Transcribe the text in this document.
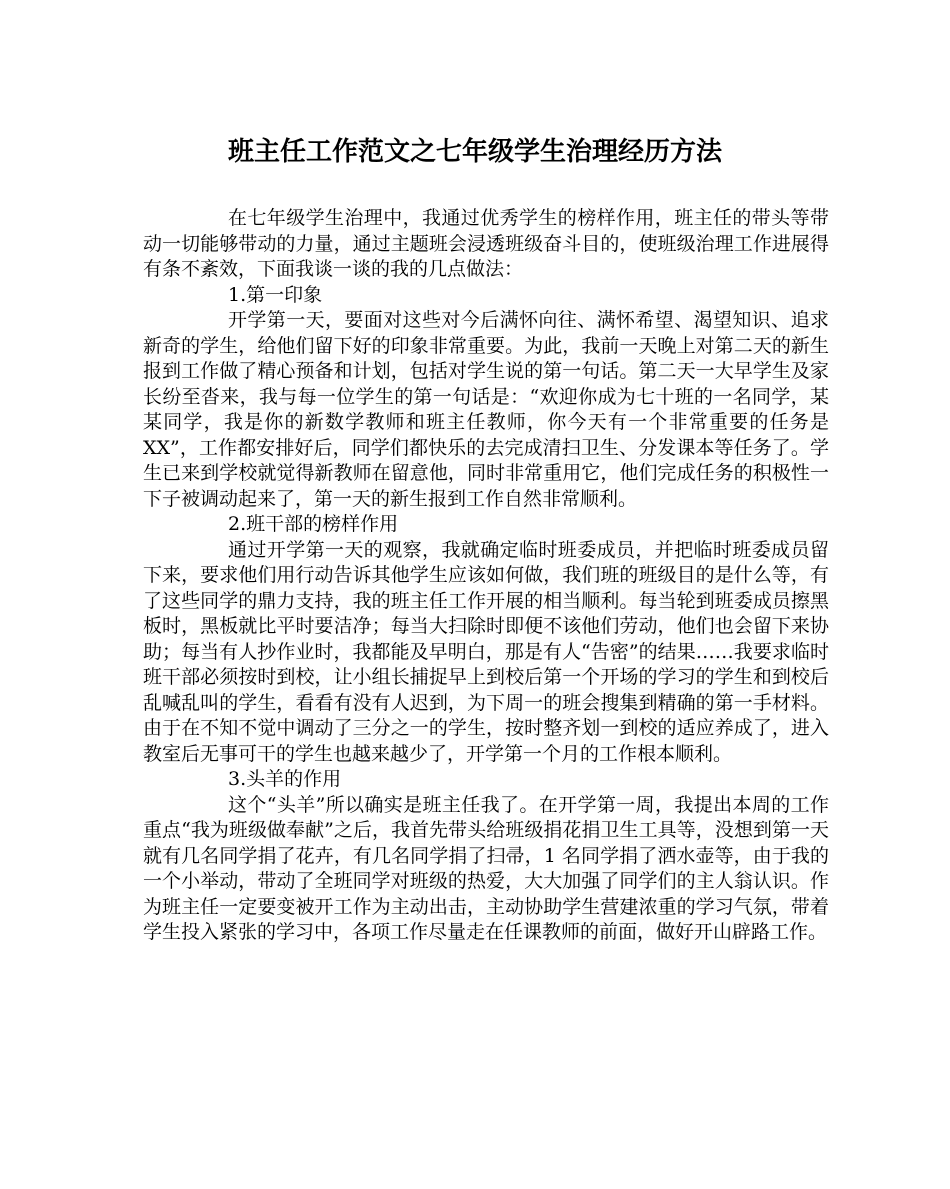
班主任工作范文之七年级学生治理经历方法

在七年级学生治理中，我通过优秀学生的榜样作用，班主任的带头等带动一切能够带动的力量，通过主题班会浸透班级奋斗目的，使班级治理工作进展得有条不紊效，下面我谈一谈的我的几点做法：

1.第一印象

开学第一天，要面对这些对今后满怀向往、满怀希望、渴望知识、追求新奇的学生，给他们留下好的印象非常重要。为此，我前一天晚上对第二天的新生报到工作做了精心预备和计划，包括对学生说的第一句话。第二天一大早学生及家长纷至沓来，我与每一位学生的第一句话是：“欢迎你成为七十班的一名同学，某某同学，我是你的新数学教师和班主任教师，你今天有一个非常重要的任务是 XX”，工作都安排好后，同学们都快乐的去完成清扫卫生、分发课本等任务了。学生已来到学校就觉得新教师在留意他，同时非常重用它，他们完成任务的积极性一下子被调动起来了，第一天的新生报到工作自然非常顺利。

2.班干部的榜样作用

通过开学第一天的观察，我就确定临时班委成员，并把临时班委成员留下来，要求他们用行动告诉其他学生应该如何做，我们班的班级目的是什么等，有了这些同学的鼎力支持，我的班主任工作开展的相当顺利。每当轮到班委成员擦黑板时，黑板就比平时要洁净；每当大扫除时即便不该他们劳动，他们也会留下来协助；每当有人抄作业时，我都能及早明白，那是有人“告密”的结果……我要求临时班干部必须按时到校，让小组长捕捉早上到校后第一个开场的学习的学生和到校后乱喊乱叫的学生，看看有没有人迟到，为下周一的班会搜集到精确的第一手材料。由于在不知不觉中调动了三分之一的学生，按时整齐划一到校的适应养成了，进入教室后无事可干的学生也越来越少了，开学第一个月的工作根本顺利。

3.头羊的作用

这个“头羊”所以确实是班主任我了。在开学第一周，我提出本周的工作重点“我为班级做奉献”之后，我首先带头给班级捐花捐卫生工具等，没想到第一天就有几名同学捐了花卉，有几名同学捐了扫帚，1 名同学捐了洒水壶等，由于我的一个小举动，带动了全班同学对班级的热爱，大大加强了同学们的主人翁认识。作为班主任一定要变被开工作为主动出击，主动协助学生营建浓重的学习气氛，带着学生投入紧张的学习中，各项工作尽量走在任课教师的前面，做好开山辟路工作。
